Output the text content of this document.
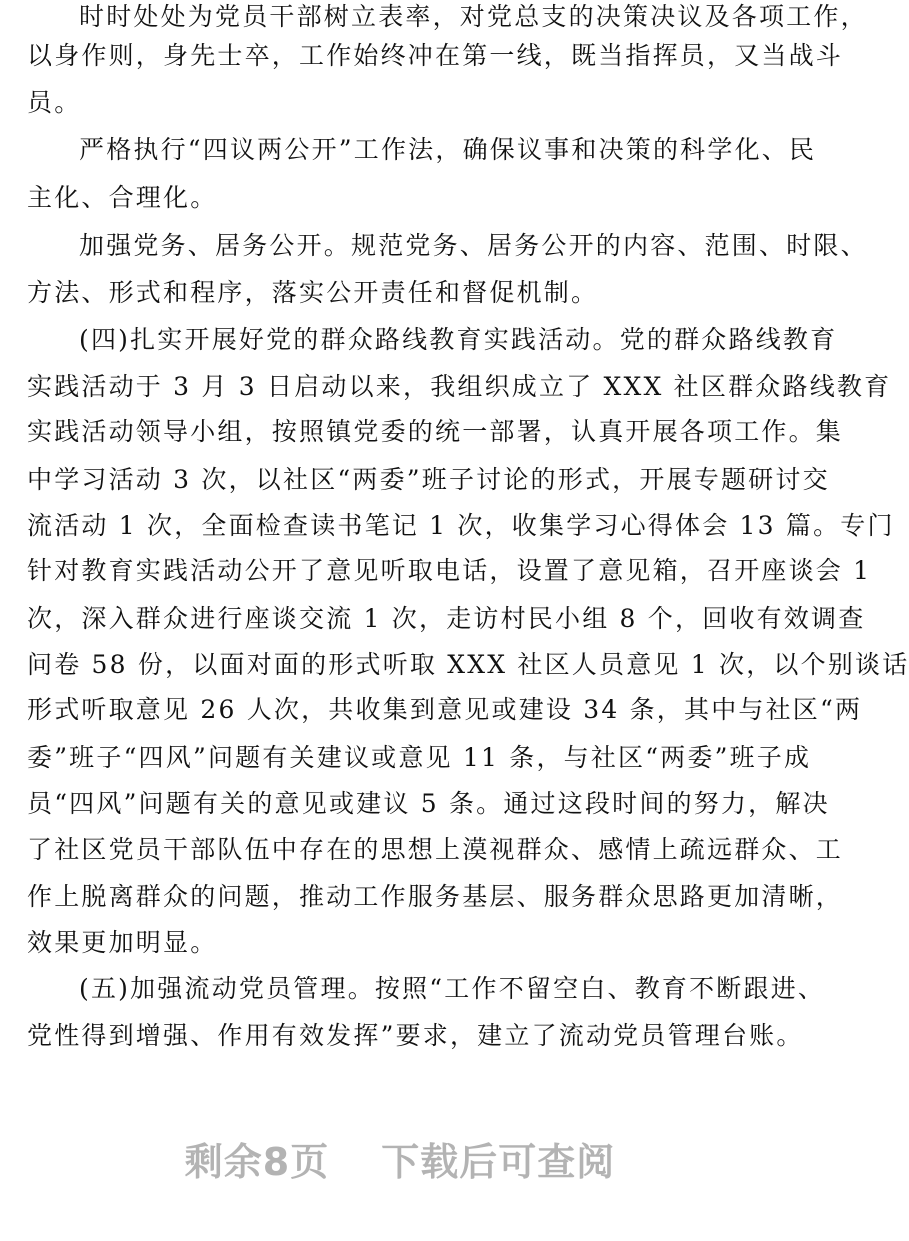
时时处处为党员干部树立表率，对党总支的决策决议及各项工作，
以身作则，身先士卒，工作始终冲在第一线，既当指挥员，又当战斗
员。
严格执行“四议两公开”工作法，确保议事和决策的科学化、民
主化、合理化。
加强党务、居务公开。规范党务、居务公开的内容、范围、时限、
方法、形式和程序，落实公开责任和督促机制。
(四)扎实开展好党的群众路线教育实践活动。党的群众路线教育
实践活动于 3 月 3 日启动以来，我组织成立了 XXX 社区群众路线教育
实践活动领导小组，按照镇党委的统一部署，认真开展各项工作。集
中学习活动 3 次，以社区“两委”班子讨论的形式，开展专题研讨交
流活动 1 次，全面检查读书笔记 1 次，收集学习心得体会 13 篇。专门
针对教育实践活动公开了意见听取电话，设置了意见箱，召开座谈会 1
次，深入群众进行座谈交流 1 次，走访村民小组 8 个，回收有效调查
问卷 58 份，以面对面的形式听取 XXX 社区人员意见 1 次，以个别谈话
形式听取意见 26 人次，共收集到意见或建设 34 条，其中与社区“两
委”班子“四风”问题有关建议或意见 11 条，与社区“两委”班子成
员“四风”问题有关的意见或建议 5 条。通过这段时间的努力，解决
了社区党员干部队伍中存在的思想上漠视群众、感情上疏远群众、工
作上脱离群众的问题，推动工作服务基层、服务群众思路更加清晰，
效果更加明显。
(五)加强流动党员管理。按照“工作不留空白、教育不断跟进、
党性得到增强、作用有效发挥”要求，建立了流动党员管理台账。
剩余8页 下载后可查阅
